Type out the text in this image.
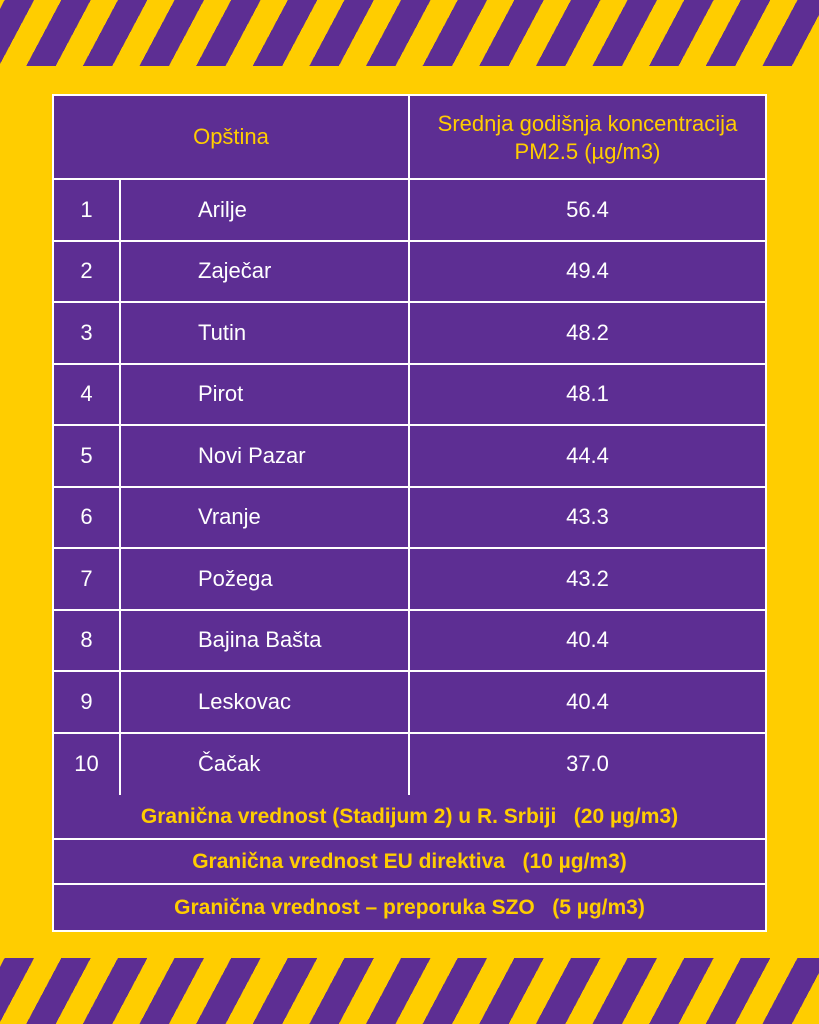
Opština
Srednja godišnja koncentracija
PM2.5 (µg/m3)
1	Arilje	56.4
2	Zaječar	49.4
3	Tutin	48.2
4	Pirot	48.1
5	Novi Pazar	44.4
6	Vranje	43.3
7	Požega	43.2
8	Bajina Bašta	40.4
9	Leskovac	40.4
10	Čačak	37.0
Granična vrednost (Stadijum 2) u R. Srbiji   (20 µg/m3)
Granična vrednost EU direktiva   (10 µg/m3)
Granična vrednost – preporuka SZO   (5 µg/m3)
